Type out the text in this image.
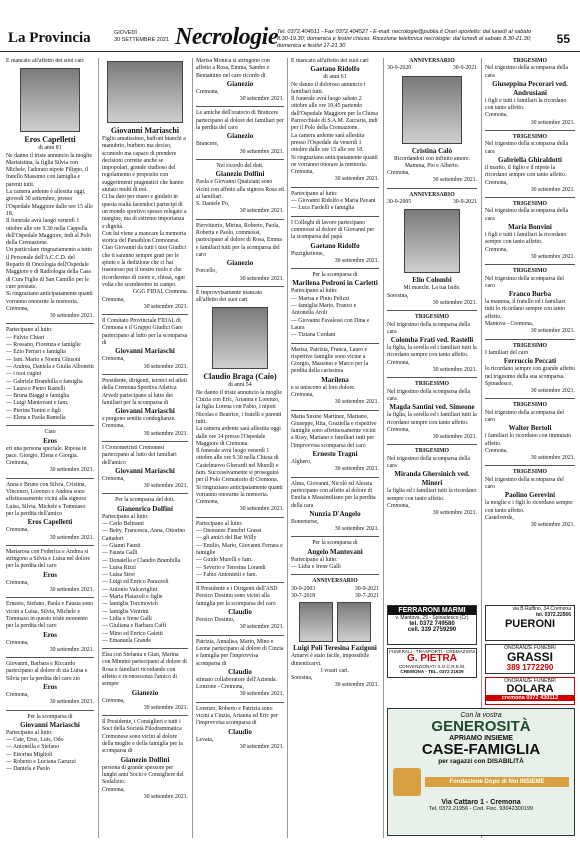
La Provincia	GIOVEDÌ
30 SETTEMBRE 2021 Necrologie Tel. 0372.404511 - Fax 0372.404527 - E-mail: necrologie@publia.it Orari sportello: dal lunedì al sabato 8.30-19.30; domenica e festivi chiuso. Ricezione telefonica necrologie: dal lunedì al sabato 8.30-21.30; domenica e festivi 17-21.30	55

È mancato all'affetto dei suoi cari

Eros Capelletti

di anni 81

Ne danno il triste annuncio la moglie Mariaisitna, la figlia Silvia con Michele, l'adorato nipote Filippo, il fratello Massimo con famiglia e parenti tutti.

La camera ardente è allestita oggi, giovedì 30 settembre, presso l'Ospedale Maggiore dalle ore 15 alle 18.

Il funerale avrà luogo venerdì 1 ottobre alle ore 9.30 nella Cappella dell'Ospedale Maggiore, indi al Polo della Cremazione.

Un particolare ringraziamento a tutto il Personale dell'A.C.C.D. del Reparto di Oncologia dell'Ospedale Maggiore e di Radiologia della Casa di Cura Figlie di San Camillo per le cure prestate.

Si ringraziano anticipatamente quanti vorranno onorarne la memoria.

Cremona,

30 settembre 2021.

Partecipano al lutto:

— Fulvio Chiari

— Rossano, Fiorenza e famiglie

— Ezio Ferrari e famiglia

— fam. Mario e Noemi Ghisoni

— Andrea, Daniela e Giulia Albonetti

— i tuoi cugini

— Gabriele Brambilla e famiglia

— Laura e Pietro Rastelli

— Bruna Biaggi e famiglia

— Luigi Mantovani e fam.

— Pierina Tenini e figli

— Elena e Paola Ramella

Ciao

Eros

eri una persona speciale. Riposa in pace. Giorgio, Elena e Giorgia.

Cremona,

30 settembre 2021.

Anna e Bruno con Silvia, Cristina, Vincenzo, Lorenzo e Andrea sono affettuosamente vicini alla signora Luisa, Silvia, Michele e Tommaso per la perdita dell'amico

Eros Capelletti

Cremona,

30 settembre 2021.

Mariarosa con Federica e Andrea si stringono a Silvia e Luisa nel dolore per la perdita del caro

Eros

Cremona,

30 settembre 2021.

Ernesto, Stefano, Paola e Fausta sono vicini a Luisa, Silvia, Michele e Tommaso in questo triste momento per la perdita del caro

Eros

Cremona,

30 settembre 2021.

Giovanni, Barbara e Riccardo partecipano al dolore di zia Luisa e Silvia per la perdita del caro zio

Eros

Cremona,

30 settembre 2021.

Per la scomparsa di

Giovanni Mariaschi

Partecipano al lutto:

— Cate, Eros, Luis, Odo

— Antonella e Stefano

— Ettorina Miglioli

— Roberto e Luciana Garuzzi

— Daniela e Paolo

Giovanni Mariaschi

Figlio amatissimo, baffoni bianchi a manubrio, burbero ma deciso, scomodo ma capace di prendere decisioni corrette anche se impopolari, grande studioso del regolamento e proposito con suggerimenti pragmatici che hanno aiutato molti di noi.

Ci ha dato per mano e guidato in questa realtà facendoci partecipi di un mondo sportivo spesso relegato a margine, ma di estremo importanza e dignità.

Con lui viene a mancare la memoria storica del Panathlon Cremonese.

Ciao Giovanni da tutti i tuoi Giudici che ti saranno sempre grati per le spinte e la dedizione che ci hai trasmesso per il nostro ruolo e che ricorderemo di cuore e, chissà, ogni volta che scenderemo in campo.

GGG FIDAL Cremona.

Cremona,

30 settembre 2021.

Il Comitato Provinciale FIDAL di Cremona e il Gruppo Giudici Gare partecipano al lutto per la scomparsa di

Giovanni Mariaschi

Cremona,

30 settembre 2021.

Presidente, dirigenti, tecnici ed atleti della Cremona Sportiva Atletica Arvedi partecipano al lutto dei familiari per la scomparsa di

Giovanni Mariaschi

e porgono sentite condoglianze.

Cremona,

30 settembre 2021.

I Cronometristi Cremonesi partecipano al lutto dei familiari dell'amico

Giovanni Mariaschi

Cremona,

30 settembre 2021.

Per la scomparsa del dott.

Gianenrico Dolfini

Partecipano al lutto:

— Carlo Beltrami

— Betty, Francesca, Anna, Ottorino Cattadori

— Gianni Fausti

— Fausta Galli

— Donatella e Claudio Brambilla

— Luisa Rizzi

— Luisa Stroi

— Luigi ed Enrico Parazzoli

— Antonio Valcaviglini

— Maria Plaiazoli e figlie

— famiglia Torcinovich

— famiglia Ventrini

— Lidia e Irene Galli

— Giuliana e Barbara Caffi

— Mino ed Enrico Galetti

— Emanuela Grande

Elsa con Stefania e Gian, Marina con Mimmo partecipano al dolore di Rosa e familiari ricordando con affetto e riconoscenza l'amico di sempre

Gianezio

Cremona,

30 settembre 2021.

Il Presidente, i Consiglieri e tutti i Soci della Società Filodrammatica Cremonese sono vicini al dolore della moglie e della famiglia per la scomparsa di

Gianezio Dolfini

persona di grande spessore per lunghi anni Socio e Consigliere del Sodalizio.

Cremona,

30 settembre 2021.

Marisa Monica si stringono con affetto a Rosa, Emma, Sandro e Beniamino nel caro ricordo di

Gianezio

Cremona,

30 settembre 2021.

Le amiche dell'oratorio di Brancere partecipano al dolore dei familiari per la perdita del caro

Gianezio

Brancere,

30 settembre 2021.

Nel ricordo del dott.

Gianezio Dolfini

Paola e Giovanni Quaiziani sono vicini con affetto alla signora Rosa ed ai familiari.

S. Daniele Po,

30 settembre 2021.

Piervittorio, Mirina, Roberto, Paola, Roberta e Paolo, commossi, partecipano al dolore di Rosa, Emma e familiari tutti per la scomparsa del caro

Gianezio

Forcello,

30 settembre 2021.

È improvvisamente mancato all'affetto dei suoi cari

Claudio Braga (Caio)

di anni 54

Ne danno il triste annuncio la moglie Cinzia con Eric, Arianna e Lorenzo, la figlia Lorena con Fabio, i nipoti Nicolas e Beatrice, i fratelli e parenti tutti.

La camera ardente sarà allestita oggi dalle ore 14 presso l'Ospedale Maggiore di Cremona.

Il funerale avrà luogo venerdì 1 ottobre alle ore 9.30 nella Chiesa di Castelnuovo Gherardi nel Murelli e fam. Successivamente si proseguirà per il Polo Crematorio di Cremona.

Si ringraziano anticipatamente quanti vorranno onorarne la memoria.

Cremona,

30 settembre 2021.

Partecipano al lutto:

— Onoranze Funebri Grassi

— gli amici del Bar Willy

— Emilio, Mario, Giovanni Ferrara e famiglie

— Guido Murelli e fam.

— Severio e Teresina Lorandi

— Fabio Antonietti e fam.

Il Presidente e i Dirigenti dell'ASD Persico Dosimo sono vicini alla famiglia per la scomparsa del caro

Claudio

Persico Dosimo,

30 settembre 2021.

Patrizia, Annalisa, Mario, Mino e Leone partecipano al dolore di Cinzia e famiglia per l'improvvisa scomparsa di

Claudio

stimato collaboratore dell'Azienda.

Lonzone - Cremona,

30 settembre 2021.

Lorenzo, Roberto e Patrizia sono vicini a Cinzia, Arianna ed Eric per l'improvvisa scomparsa di

Claudio

Levata,

30 settembre 2021.

È mancato all'affetto dei suoi cari

Gaetano Ridolfo

di anni 61

Ne danno il doloroso annuncio i familiari tutti.

Il funerale avrà luogo sabato 2 ottobre alle ore 10,45 partendo dall'Ospedale Maggiore per la Chiesa Parrocchiale di S.A.M. Zaccaria, indi per il Polo della Cremazione.

La camera ardente sarà allestita presso l'Ospedale da venerdì 1 ottobre dalle ore 15 alle ore 18.

Si ringraziano anticipatamente quanti ne vorranno onorare la memoria.

Cremona,

30 settembre 2021.

Partecipano al lutto:

— Giovanni Ridolfo e Maria Pavani

— Luca Fardelli e famiglia

I Colleghi di lavoro partecipano commossi al dolore di Giovanni per la scomparsa del papà

Gaetano Ridolfo

Pizzighettone,

30 settembre 2021.

Per la scomparsa di

Marilena Pedroni in Carletti

Partecipano al lutto:

— Marisa e Pinio Pelizzi

— famiglia Mario, Franco e Antonella Aroli

— Giovanni Favalessi con Dina e Laura

— Tiziana Cordani

Marisa, Patrizia, Franca, Lauro e rispettive famiglie sono vicine a Giorgio, Massimo e Marco per la perdita della carissima

Marilena

e si uniscono al loro dolore.

Cremona,

30 settembre 2021.

Maria Susine Martinez, Mariano, Giuseppe, Rita, Graziella e rispettive famiglie sono affettuosamente vicini a Rosy, Mariano e familiari tutti per l'improvvisa scomparsa del caro

Ernesto Tragni

Alghero,

30 settembre 2021.

Alma, Giovanni, Nicolò ed Alessia partecipano con affetto al dolore di Emilia e Massimiliano per la perdita della cara

Nunzia D'Angelo

Bonemerse,

30 settembre 2021.

Per la scomparsa di

Angelo Mantovani

Partecipano al lutto:

— Lidia e Irene Galli

ANNIVERSARIO

30-9-2003	30-9-2021
30-7-2018	30-7-2021

Luigi Poli Teresina Fazigoni

Amarvi è stato facile, impossibile dimenticarvi.

I vostri cari.

Soresina,

30 settembre 2021.

ANNIVERSARIO

30-9-2020	30-9-2021

Cristina Calò

Ricordandoti con infinito amore.

Mamma, Pio e Alberto.

Cremona,

30 settembre 2021.

ANNIVERSARIO

30-9-2005	30-9-2021

Elio Colombi

Mi manchi. La tua Iside.

Soresina,

30 settembre 2021.

TRIGESIMO

Nel trigesimo della scomparsa della cara

Colomba Frati ved. Rastelli

la figlia, la sorella ed i familiari tutti la ricordano sempre con tanto affetto.

Cremona,

30 settembre 2021.

TRIGESIMO

Nel trigesimo della scomparsa della cara

Magda Santini ved. Simeone

la figlia, la sorella ed i familiari tutti la ricordano sempre con tanto affetto.

Cremona,

30 settembre 2021.

TRIGESIMO

Nel trigesimo della scomparsa della cara

Miranda Ghersinich ved. Mineri

la figlia ed i familiari tutti la ricordano sempre con tanto affetto.

Cremona,

30 settembre 2021.

TRIGESIMO

Nel trigesimo della scomparsa della cara

Giuseppina Pecorari ved. Andrusiani

i figli e tutti i familiari la ricordano con tanto affetto.

Cremona,

30 settembre 2021.

TRIGESIMO

Nel trigesimo della scomparsa della cara

Gabriella Ghiraldotti

il marito, il figlio e il nipote la ricordano sempre con tanto affetto.

Cremona,

30 settembre 2021.

TRIGESIMO

Nel trigesimo della scomparsa della cara

Maria Bonvini

i figli e tutti i familiari la ricordano sempre con tanto affetto.

Cremona,

30 settembre 2021.

TRIGESIMO

Nel trigesimo della scomparsa del caro

Franco Burba

la mamma, il fratello ed i familiari tutti lo ricordano sempre con tanto affetto.

Mantova - Cremona,

30 settembre 2021.

TRIGESIMO

I familiari del caro

Ferruccio Peccati

lo ricordano sempre con grande affetto nel trigesimo della sua scomparsa.

Spinadesco,

30 settembre 2021.

TRIGESIMO

Nel trigesimo della scomparsa del caro

Walter Bertoli

i familiari lo ricordano con immutato affetto.

Cremona,

30 settembre 2021.

TRIGESIMO

Nel trigesimo della scomparsa del caro

Paolino Gerevini

la moglie e i figli lo ricordano sempre con tanto affetto.

Castelverde,

30 settembre 2021.

via B.Raffino, 34 Cremona
tel. 0372.22566
PUERONI
FERRARONI MARMI
v. Mantova, 29 - Spinadesco (Cr)
tel. 0372 749580
cell. 339 2759290
ONORANZE FUNEBRI
GRASSI
389 1772290
FUNERALI - TRASPORTI - CREMAZIONI
G. PIETRA
CONVENZIONATI S.O.C.R.E.M.
CREMONA - TEL. 0372 21629
ONORANZE FUNEBRI
DOLARA
cremona 0372 430112
Con la vostra
GENEROSITÀ
APRIAMO INSIEME
CASE-FAMIGLIA
per ragazzi con DISABILITÀ
Fondazione Dopo di Noi INSIEME
Via Cattaro 1 - Cremona
Tel. 0372.21956 - Cod. Fisc. 93042300199
